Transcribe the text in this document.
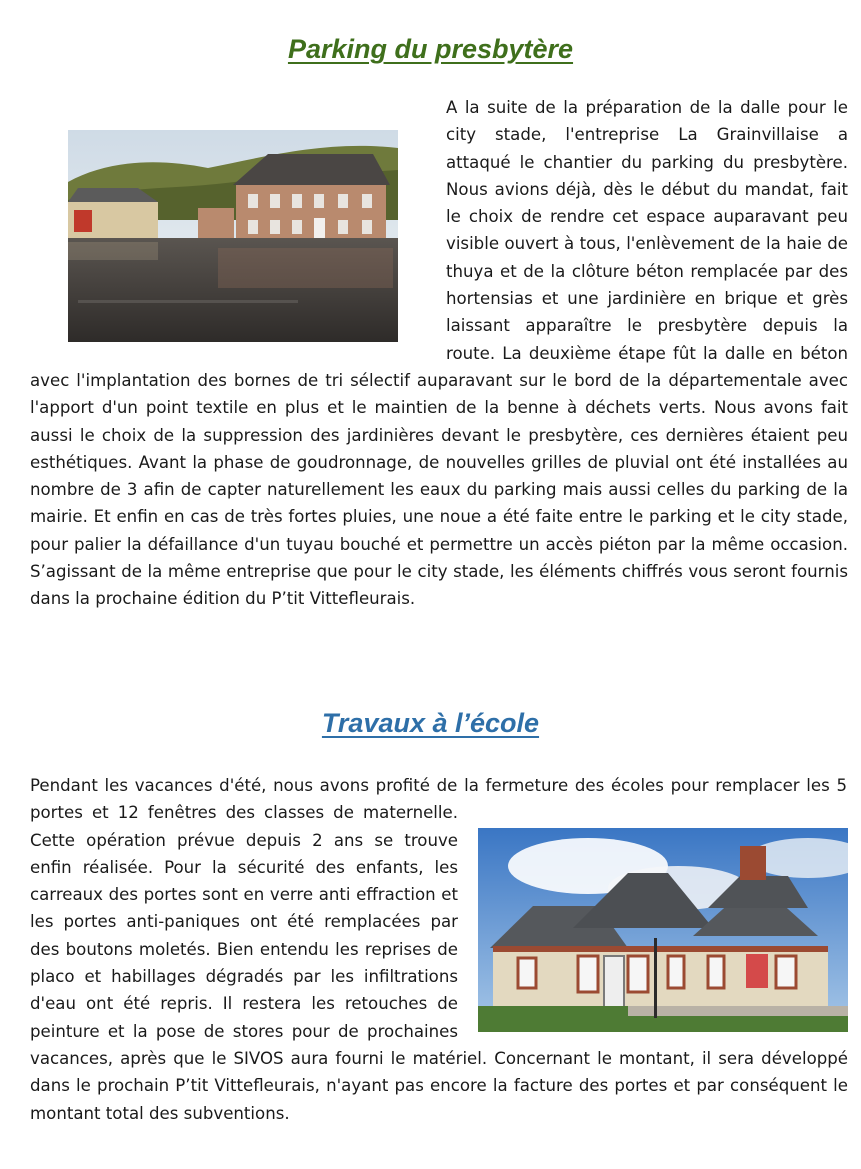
Parking du presbytère
A la suite de la préparation de la dalle pour le city stade, l'entreprise La Grainvillaise a attaqué le chantier du parking du presbytère. Nous avions déjà, dès le début du mandat, fait le choix de rendre cet espace auparavant peu visible ouvert à tous, l'enlèvement de la haie de thuya et de la clôture béton remplacée par des hortensias et une jardinière en brique et grès laissant apparaître le presbytère depuis la route. La deuxième étape fût la dalle en béton avec l'implantation des bornes de tri sélectif auparavant sur le bord de la départementale avec l'apport d'un point textile en plus et le maintien de la benne à déchets verts. Nous avons fait aussi le choix de la suppression des jardinières devant le presbytère, ces dernières étaient peu esthétiques. Avant la phase de goudronnage, de nouvelles grilles de pluvial ont été installées au nombre de 3 afin de capter naturellement les eaux du parking mais aussi celles du parking de la mairie. Et enfin en cas de très fortes pluies, une noue a été faite entre le parking et le city stade, pour palier la défaillance d'un tuyau bouché et permettre un accès piéton par la même occasion. S’agissant de la même entreprise que pour le city stade, les éléments chiffrés vous seront fournis dans la prochaine édition du P’tit Vittefleurais.
Travaux à l’école
Pendant les vacances d'été, nous avons profité de la fermeture des écoles pour remplacer les 5 portes et 12 fenêtres des classes de maternelle. Cette opération prévue depuis 2 ans se trouve enfin réalisée. Pour la sécurité des enfants, les carreaux des portes sont en verre anti effraction et les portes anti-paniques ont été remplacées par des boutons moletés. Bien entendu les reprises de placo et habillages dégradés par les infiltrations d'eau ont été repris. Il restera les retouches de peinture et la pose de stores pour de prochaines vacances, après que le SIVOS aura fourni le matériel. Concernant le montant, il sera développé dans le prochain P’tit Vittefleurais, n'ayant pas encore la facture des portes et par conséquent le montant total des subventions.
